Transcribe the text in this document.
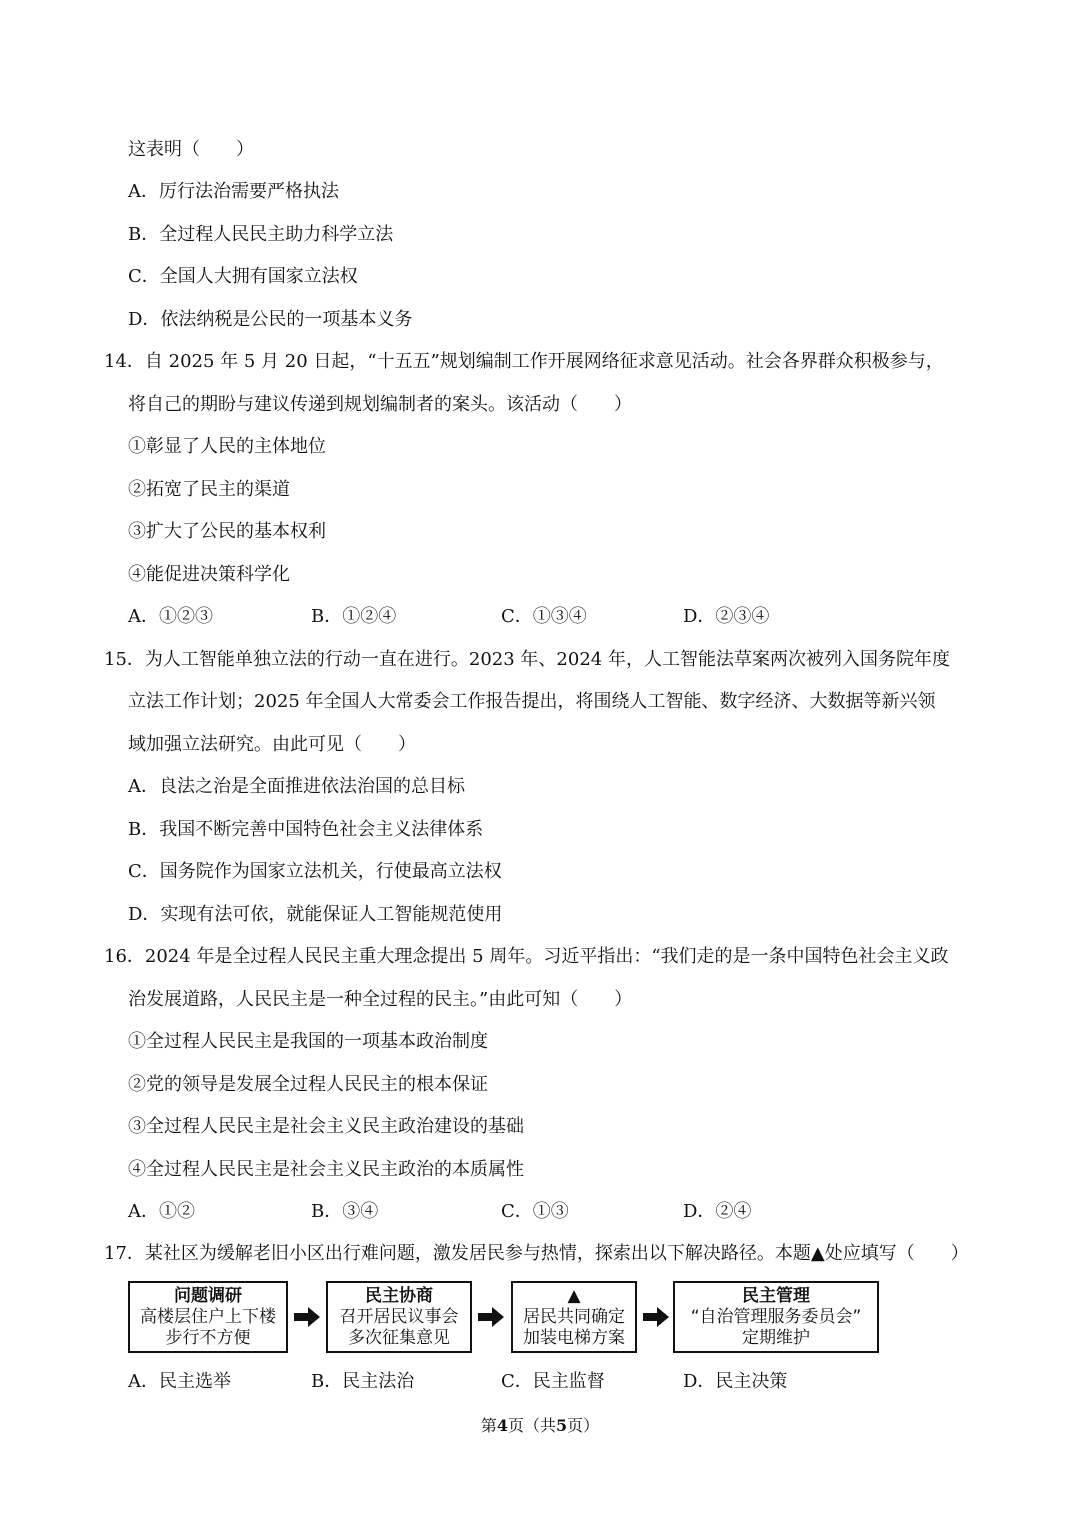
这表明（　　）
A．厉行法治需要严格执法
B．全过程人民民主助力科学立法
C．全国人大拥有国家立法权
D．依法纳税是公民的一项基本义务
14．自 2025 年 5 月 20 日起，“十五五”规划编制工作开展网络征求意见活动。社会各界群众积极参与，
将自己的期盼与建议传递到规划编制者的案头。该活动（　　）
①彰显了人民的主体地位
②拓宽了民主的渠道
③扩大了公民的基本权利
④能促进决策科学化
A．①②③	B．①②④	C．①③④	D．②③④
15．为人工智能单独立法的行动一直在进行。2023 年、2024 年，人工智能法草案两次被列入国务院年度
立法工作计划；2025 年全国人大常委会工作报告提出，将围绕人工智能、数字经济、大数据等新兴领
域加强立法研究。由此可见（　　）
A．良法之治是全面推进依法治国的总目标
B．我国不断完善中国特色社会主义法律体系
C．国务院作为国家立法机关，行使最高立法权
D．实现有法可依，就能保证人工智能规范使用
16．2024 年是全过程人民民主重大理念提出 5 周年。习近平指出：“我们走的是一条中国特色社会主义政
治发展道路，人民民主是一种全过程的民主。”由此可知（　　）
①全过程人民民主是我国的一项基本政治制度
②党的领导是发展全过程人民民主的根本保证
③全过程人民民主是社会主义民主政治建设的基础
④全过程人民民主是社会主义民主政治的本质属性
A．①②	B．③④	C．①③	D．②④
17．某社区为缓解老旧小区出行难问题，激发居民参与热情，探索出以下解决路径。本题▲处应填写（　　）
问题调研
高楼层住户上下楼
步行不方便
民主协商
召开居民议事会
多次征集意见
▲
居民共同确定
加装电梯方案
民主管理
“自治管理服务委员会”
定期维护
A．民主选举	B．民主法治	C．民主监督	D．民主决策
第4页（共5页）
